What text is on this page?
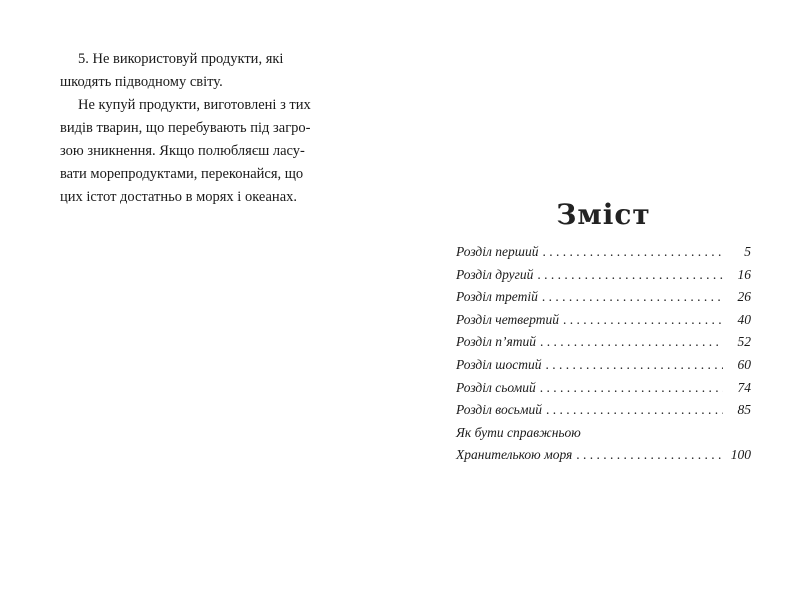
5. Не використовуй продукти, які
шкодять підводному світу.

Не купуй продукти, виготовлені з тих
видів тварин, що перебувають під загро-
зою зникнення. Якщо полюбляєш ласу-
вати морепродуктами, переконайся, що
цих істот достатньо в морях і океанах.

Зміст
Розділ перший . . .	5
Розділ другий . . .	16
Розділ третій . . .	26
Розділ четвертий . . .	40
Розділ п’ятий . . .	52
Розділ шостий . . .	60
Розділ сьомий . . .	74
Розділ восьмий . . .	85
Як бути справжньою
Хранителькою моря . . .	100
